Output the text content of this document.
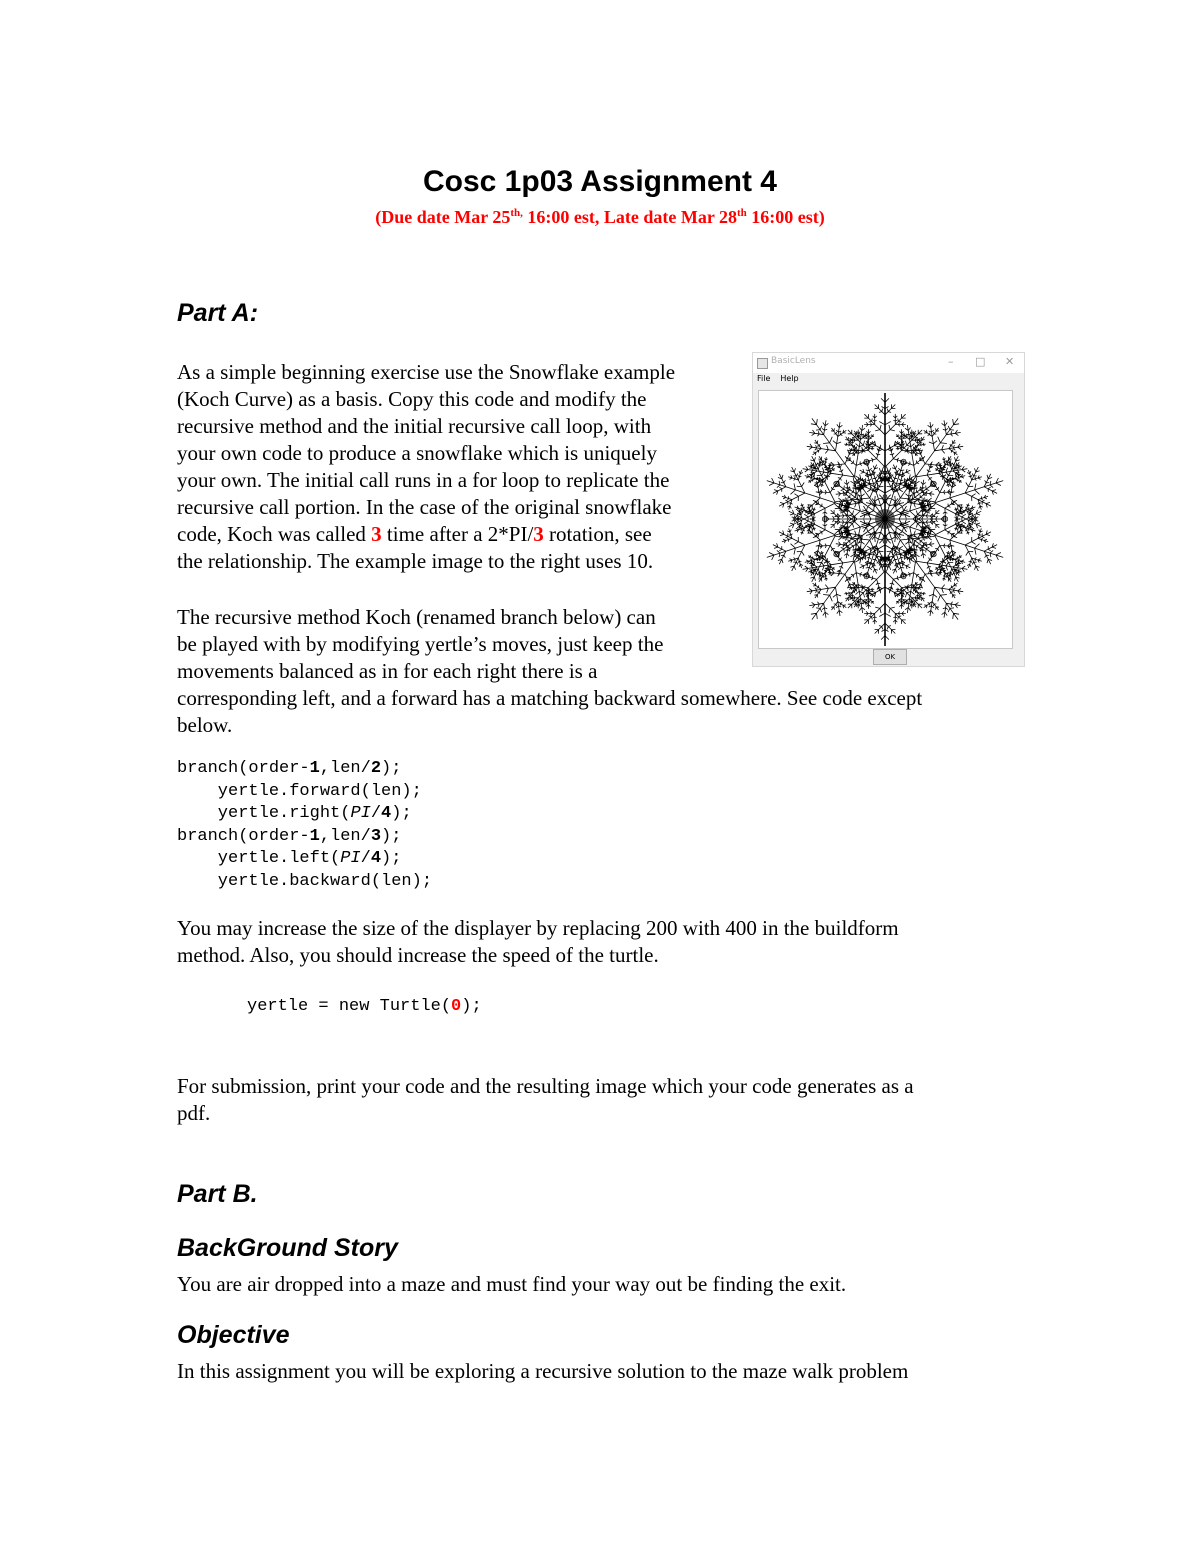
Cosc 1p03 Assignment 4
(Due date Mar $25^{th,}$ 16:00 est, Late date Mar 28th 16:00 est)
Part A:
As a simple beginning exercise use the Snowflake example
(Koch Curve) as a basis. Copy this code and modify the
recursive method and the initial recursive call loop, with
your own code to produce a snowflake which is uniquely
your own. The initial call runs in a for loop to replicate the
recursive call portion. In the case of the original snowflake
code, Koch was called 3 time after a 2*PI/3 rotation, see
the relationship. The example image to the right uses 10.
The recursive method Koch (renamed branch below) can
be played with by modifying yertle’s moves, just keep the
movements balanced as in for each right there is a
corresponding left, and a forward has a matching backward somewhere. See code except
below.
branch(order-1,len/2);
yertle.forward(len);
yertle.right(PI/4);
branch(order-1,len/3);
yertle.left(PI/4);
yertle.backward(len);
You may increase the size of the displayer by replacing 200 with 400 in the buildform
method. Also, you should increase the speed of the turtle.
yertle = new Turtle(0);
For submission, print your code and the resulting image which your code generates as a
pdf.
BasicLens	– □ ✕
File Help
OK
Part B.
BackGround Story
You are air dropped into a maze and must find your way out be finding the exit.
Objective
In this assignment you will be exploring a recursive solution to the maze walk problem
